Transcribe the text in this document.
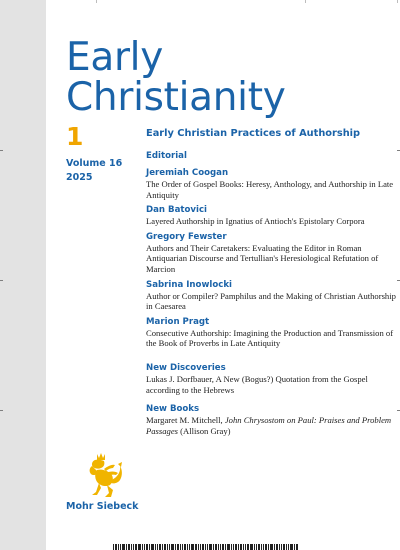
Early
Christianity
1
Volume 16
2025
Early Christian Practices of Authorship
Editorial
Jeremiah Coogan
The Order of Gospel Books: Heresy, Anthology, and Authorship in Late Antiquity
Dan Batovici
Layered Authorship in Ignatius of Antioch's Epistolary Corpora
Gregory Fewster
Authors and Their Caretakers: Evaluating the Editor in Roman Antiquarian Discourse and Tertullian's Heresiological Refutation of Marcion
Sabrina Inowlocki
Author or Compiler? Pamphilus and the Making of Christian Authorship in Caesarea
Marion Pragt
Consecutive Authorship: Imagining the Production and Transmission of the Book of Proverbs in Late Antiquity
New Discoveries
Lukas J. Dorfbauer, A New (Bogus?) Quotation from the Gospel according to the Hebrews
New Books
Margaret M. Mitchell, John Chrysostom on Paul: Praises and Problem Passages (Allison Gray)
Mohr Siebeck
